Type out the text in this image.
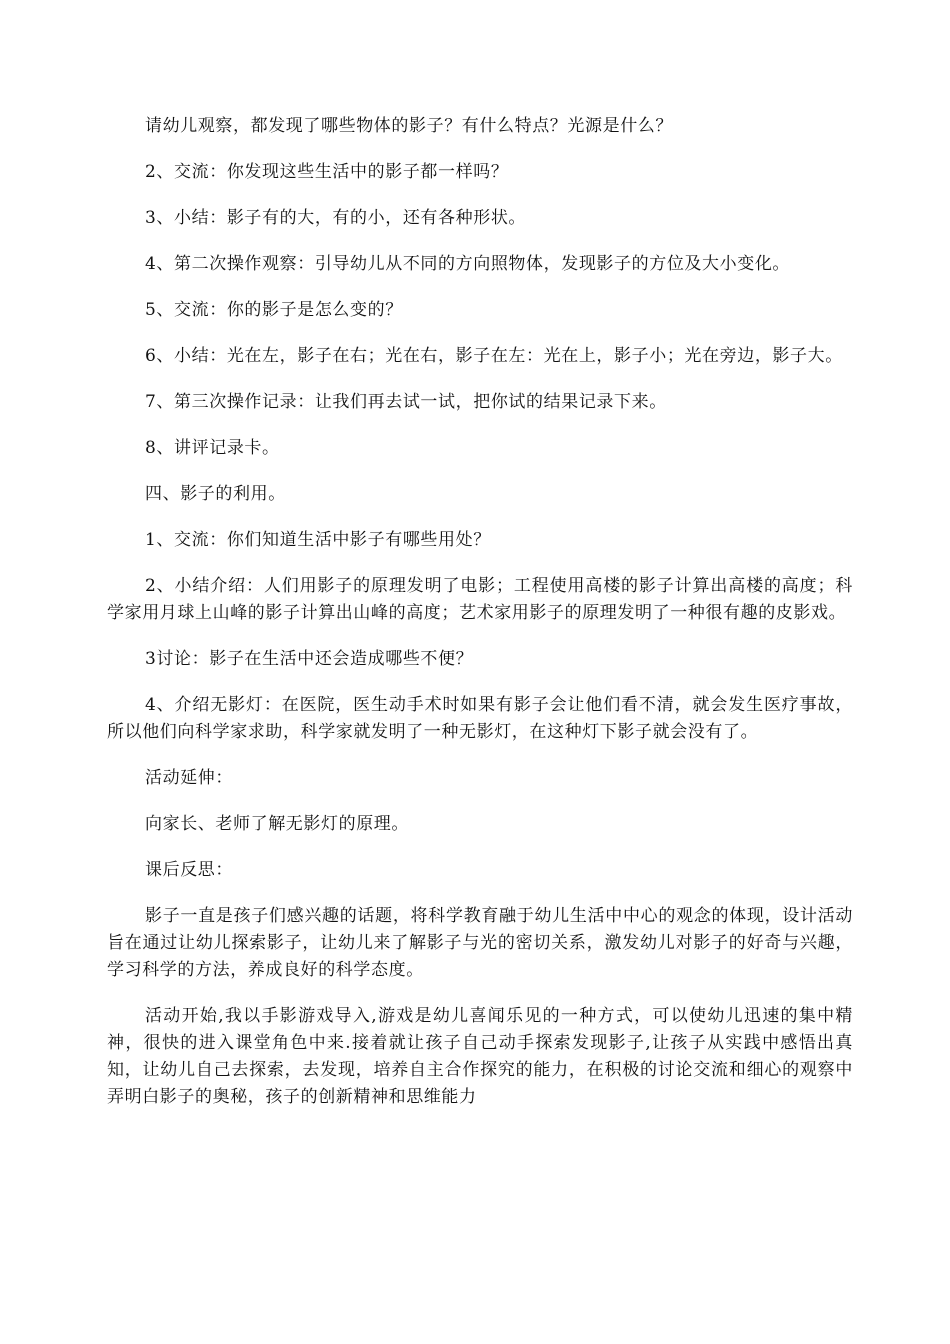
请幼儿观察，都发现了哪些物体的影子？有什么特点？光源是什么？

2、交流：你发现这些生活中的影子都一样吗？

3、小结：影子有的大，有的小，还有各种形状。

4、第二次操作观察：引导幼儿从不同的方向照物体，发现影子的方位及大小变化。

5、交流：你的影子是怎么变的？

6、小结：光在左，影子在右；光在右，影子在左：光在上，影子小；光在旁边，影子大。

7、第三次操作记录：让我们再去试一试，把你试的结果记录下来。

8、讲评记录卡。

四、影子的利用。

1、交流：你们知道生活中影子有哪些用处？

2、小结介绍：人们用影子的原理发明了电影；工程使用高楼的影子计算出高楼的高度；科学家用月球上山峰的影子计算出山峰的高度；艺术家用影子的原理发明了一种很有趣的皮影戏。

3讨论：影子在生活中还会造成哪些不便？

4、介绍无影灯：在医院，医生动手术时如果有影子会让他们看不清，就会发生医疗事故，所以他们向科学家求助，科学家就发明了一种无影灯，在这种灯下影子就会没有了。

活动延伸：

向家长、老师了解无影灯的原理。

课后反思：

影子一直是孩子们感兴趣的话题，将科学教育融于幼儿生活中中心的观念的体现，设计活动旨在通过让幼儿探索影子，让幼儿来了解影子与光的密切关系，激发幼儿对影子的好奇与兴趣，学习科学的方法，养成良好的科学态度。

活动开始,我以手影游戏导入,游戏是幼儿喜闻乐见的一种方式，可以使幼儿迅速的集中精神，很快的进入课堂角色中来.接着就让孩子自己动手探索发现影子,让孩子从实践中感悟出真知，让幼儿自己去探索，去发现，培养自主合作探究的能力，在积极的讨论交流和细心的观察中弄明白影子的奥秘，孩子的创新精神和思维能力
